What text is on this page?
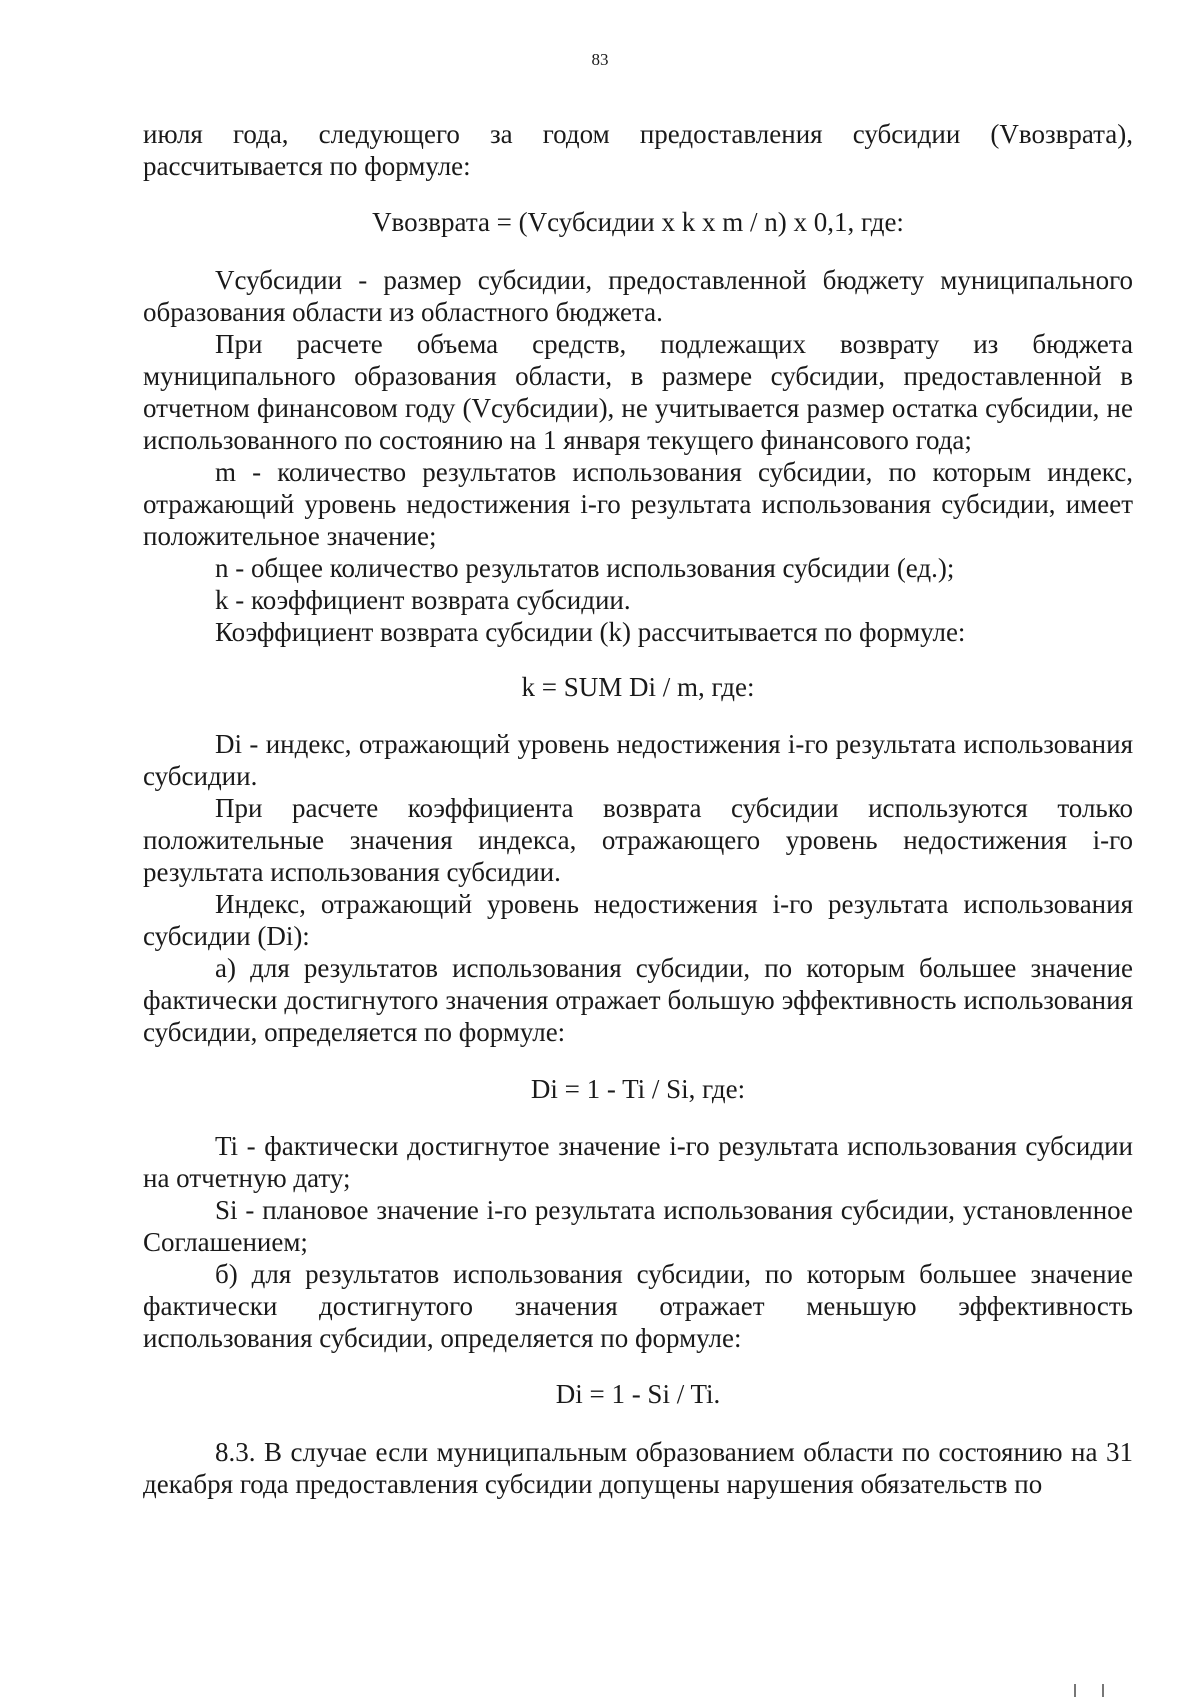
83

июля года, следующего за годом предоставления субсидии (Vвозврата), рассчитывается по формуле:

Vвозврата = (Vсубсидии x k x m / n) x 0,1, где:

Vсубсидии - размер субсидии, предоставленной бюджету муниципального образования области из областного бюджета.

При расчете объема средств, подлежащих возврату из бюджета муниципального образования области, в размере субсидии, предоставленной в отчетном финансовом году (Vсубсидии), не учитывается размер остатка субсидии, не использованного по состоянию на 1 января текущего финансового года;

m - количество результатов использования субсидии, по которым индекс, отражающий уровень недостижения i-го результата использования субсидии, имеет положительное значение;

n - общее количество результатов использования субсидии (ед.);

k - коэффициент возврата субсидии.

Коэффициент возврата субсидии (k) рассчитывается по формуле:

k = SUM Di / m, где:

Di - индекс, отражающий уровень недостижения i-го результата использования субсидии.

При расчете коэффициента возврата субсидии используются только положительные значения индекса, отражающего уровень недостижения i-го результата использования субсидии.

Индекс, отражающий уровень недостижения i-го результата использования субсидии (Di):

а) для результатов использования субсидии, по которым большее значение фактически достигнутого значения отражает большую эффективность использования субсидии, определяется по формуле:

Di = 1 - Ti / Si, где:

Ti - фактически достигнутое значение i-го результата использования субсидии на отчетную дату;

Si - плановое значение i-го результата использования субсидии, установленное Соглашением;

б) для результатов использования субсидии, по которым большее значение фактически достигнутого значения отражает меньшую эффективность использования субсидии, определяется по формуле:

Di = 1 - Si / Ti.

8.3. В случае если муниципальным образованием области по состоянию на 31 декабря года предоставления субсидии допущены нарушения обязательств по
